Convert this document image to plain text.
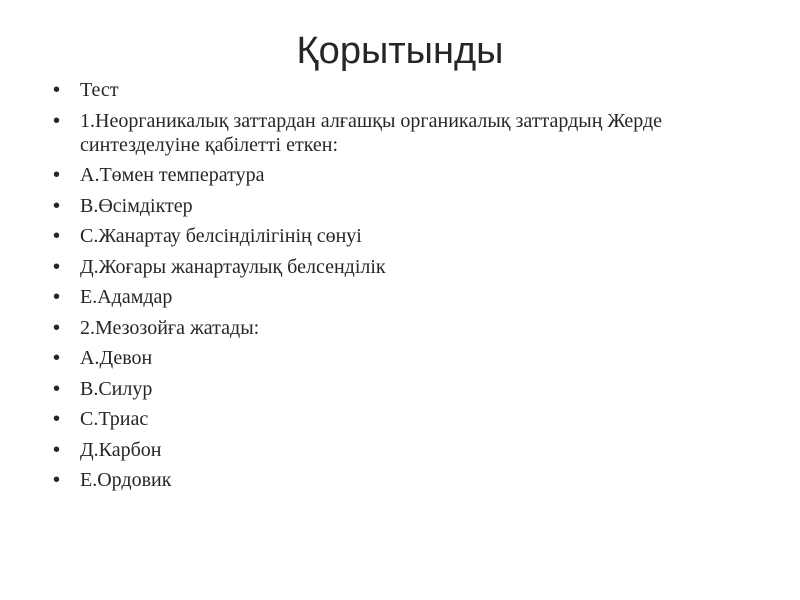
Қорытынды
• Тест
• 1.Неорганикалық заттардан алғашқы органикалық заттардың Жерде синтезделуіне қабілетті еткен:
• А.Төмен температура
• В.Өсімдіктер
• С.Жанартау белсінділігінің сөнуі
• Д.Жоғары жанартаулық белсенділік
• Е.Адамдар
• 2.Мезозойға жатады:
• А.Девон
• В.Силур
• С.Триас
• Д.Карбон
• Е.Ордовик
